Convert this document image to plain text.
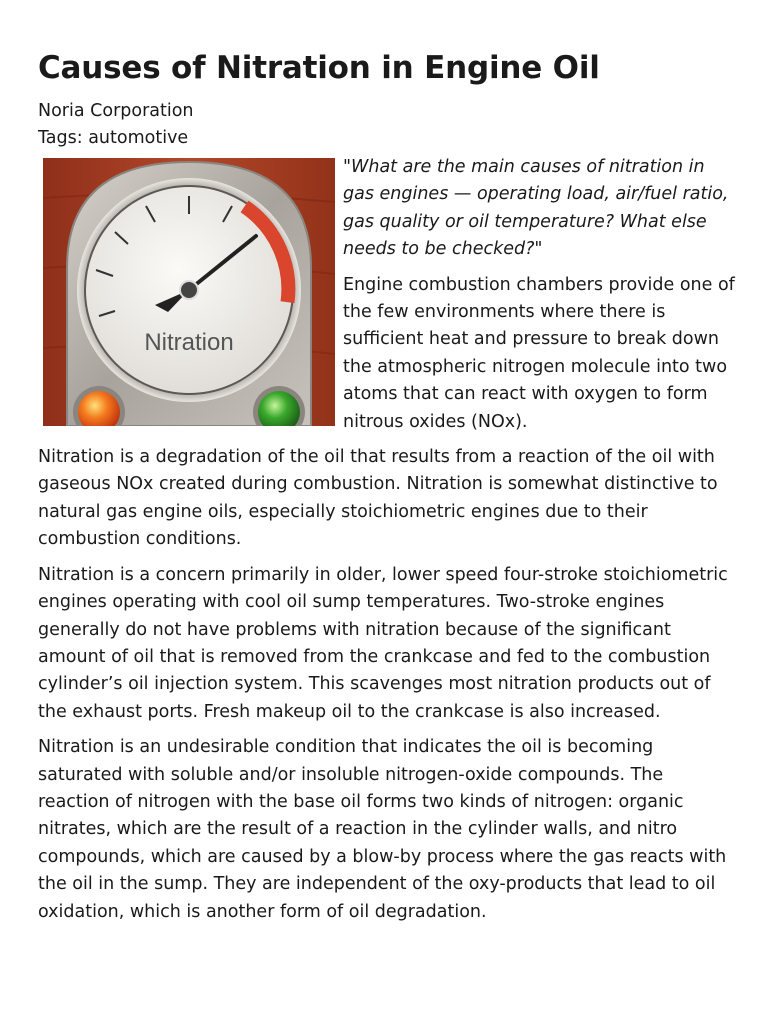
Causes of Nitration in Engine Oil
Noria Corporation
Tags: automotive
Nitration

"What are the main causes of nitration in gas engines — operating load, air/fuel ratio, gas quality or oil temperature? What else needs to be checked?"

Engine combustion chambers provide one of the few environments where there is sufficient heat and pressure to break down the atmospheric nitrogen molecule into two atoms that can react with oxygen to form nitrous oxides (NOx).

Nitration is a degradation of the oil that results from a reaction of the oil with gaseous NOx created during combustion. Nitration is somewhat distinctive to natural gas engine oils, especially stoichiometric engines due to their combustion conditions.

Nitration is a concern primarily in older, lower speed four-stroke stoichiometric engines operating with cool oil sump temperatures. Two-stroke engines generally do not have problems with nitration because of the significant amount of oil that is removed from the crankcase and fed to the combustion cylinder’s oil injection system. This scavenges most nitration products out of the exhaust ports. Fresh makeup oil to the crankcase is also increased.

Nitration is an undesirable condition that indicates the oil is becoming saturated with soluble and/or insoluble nitrogen-oxide compounds. The reaction of nitrogen with the base oil forms two kinds of nitrogen: organic nitrates, which are the result of a reaction in the cylinder walls, and nitro compounds, which are caused by a blow-by process where the gas reacts with the oil in the sump. They are independent of the oxy-products that lead to oil oxidation, which is another form of oil degradation.
